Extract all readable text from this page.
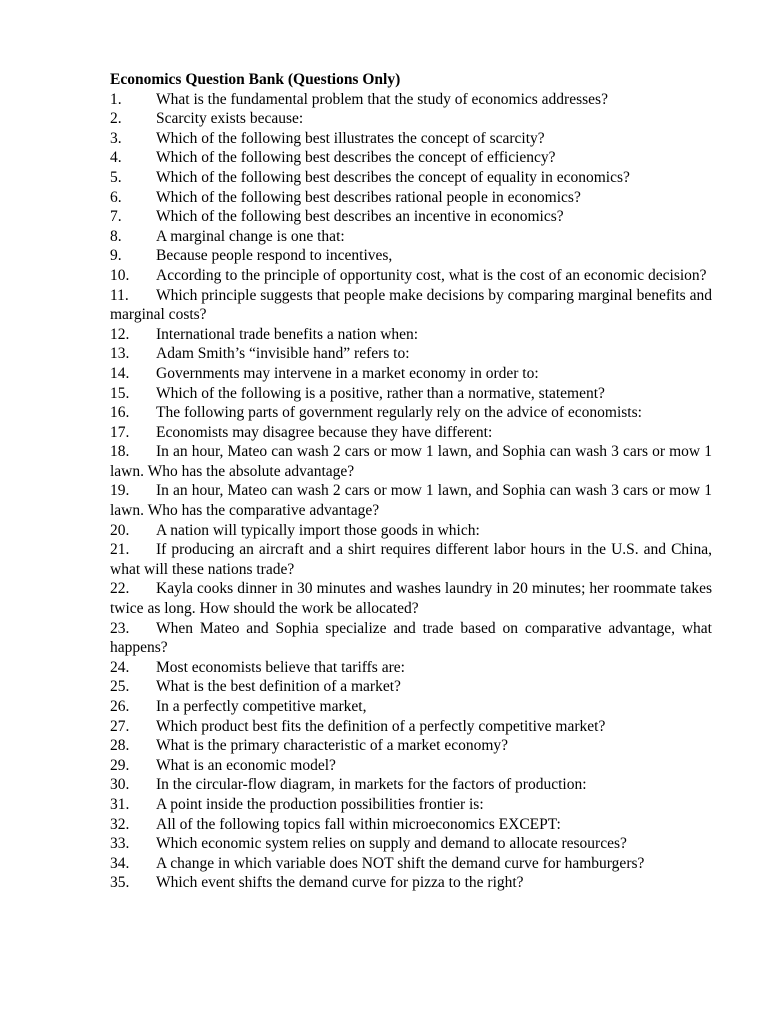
Economics Question Bank (Questions Only)

1. What is the fundamental problem that the study of economics addresses?

2. Scarcity exists because:

3. Which of the following best illustrates the concept of scarcity?

4. Which of the following best describes the concept of efficiency?

5. Which of the following best describes the concept of equality in economics?

6. Which of the following best describes rational people in economics?

7. Which of the following best describes an incentive in economics?

8. A marginal change is one that:

9. Because people respond to incentives,

10. According to the principle of opportunity cost, what is the cost of an economic decision?

11. Which principle suggests that people make decisions by comparing marginal benefits and marginal costs?

12. International trade benefits a nation when:

13. Adam Smith’s “invisible hand” refers to:

14. Governments may intervene in a market economy in order to:

15. Which of the following is a positive, rather than a normative, statement?

16. The following parts of government regularly rely on the advice of economists:

17. Economists may disagree because they have different:

18. In an hour, Mateo can wash 2 cars or mow 1 lawn, and Sophia can wash 3 cars or mow 1 lawn. Who has the absolute advantage?

19. In an hour, Mateo can wash 2 cars or mow 1 lawn, and Sophia can wash 3 cars or mow 1 lawn. Who has the comparative advantage?

20. A nation will typically import those goods in which:

21. If producing an aircraft and a shirt requires different labor hours in the U.S. and China, what will these nations trade?

22. Kayla cooks dinner in 30 minutes and washes laundry in 20 minutes; her roommate takes twice as long. How should the work be allocated?

23. When Mateo and Sophia specialize and trade based on comparative advantage, what happens?

24. Most economists believe that tariffs are:

25. What is the best definition of a market?

26. In a perfectly competitive market,

27. Which product best fits the definition of a perfectly competitive market?

28. What is the primary characteristic of a market economy?

29. What is an economic model?

30. In the circular-flow diagram, in markets for the factors of production:

31. A point inside the production possibilities frontier is:

32. All of the following topics fall within microeconomics EXCEPT:

33. Which economic system relies on supply and demand to allocate resources?

34. A change in which variable does NOT shift the demand curve for hamburgers?

35. Which event shifts the demand curve for pizza to the right?
